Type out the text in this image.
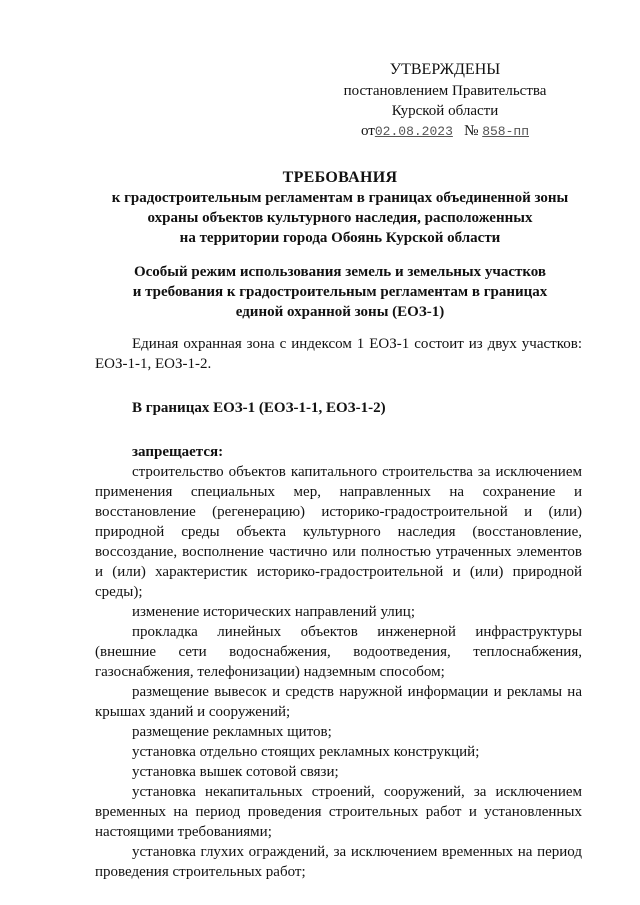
УТВЕРЖДЕНЫ
постановлением Правительства
Курской области
от02.08.2023 № 858-пп
ТРЕБОВАНИЯ
к градостроительным регламентам в границах объединенной зоны
охраны объектов культурного наследия, расположенных
на территории города Обоянь Курской области
Особый режим использования земель и земельных участков
и требования к градостроительным регламентам в границах
единой охранной зоны (ЕОЗ-1)

Единая охранная зона с индексом 1 ЕОЗ-1 состоит из двух участков: ЕОЗ-1-1, ЕОЗ-1-2.

В границах ЕОЗ-1 (ЕОЗ-1-1, ЕОЗ-1-2)

запрещается:

строительство объектов капитального строительства за исключением применения специальных мер, направленных на сохранение и восстановление (регенерацию) историко-градостроительной и (или) природной среды объекта культурного наследия (восстановление, воссоздание, восполнение частично или полностью утраченных элементов и (или) характеристик историко-градостроительной и (или) природной среды);

изменение исторических направлений улиц;

прокладка линейных объектов инженерной инфраструктуры (внешние сети водоснабжения, водоотведения, теплоснабжения, газоснабжения, телефонизации) надземным способом;

размещение вывесок и средств наружной информации и рекламы на крышах зданий и сооружений;

размещение рекламных щитов;

установка отдельно стоящих рекламных конструкций;

установка вышек сотовой связи;

установка некапитальных строений, сооружений, за исключением временных на период проведения строительных работ и установленных настоящими требованиями;

установка глухих ограждений, за исключением временных на период проведения строительных работ;
